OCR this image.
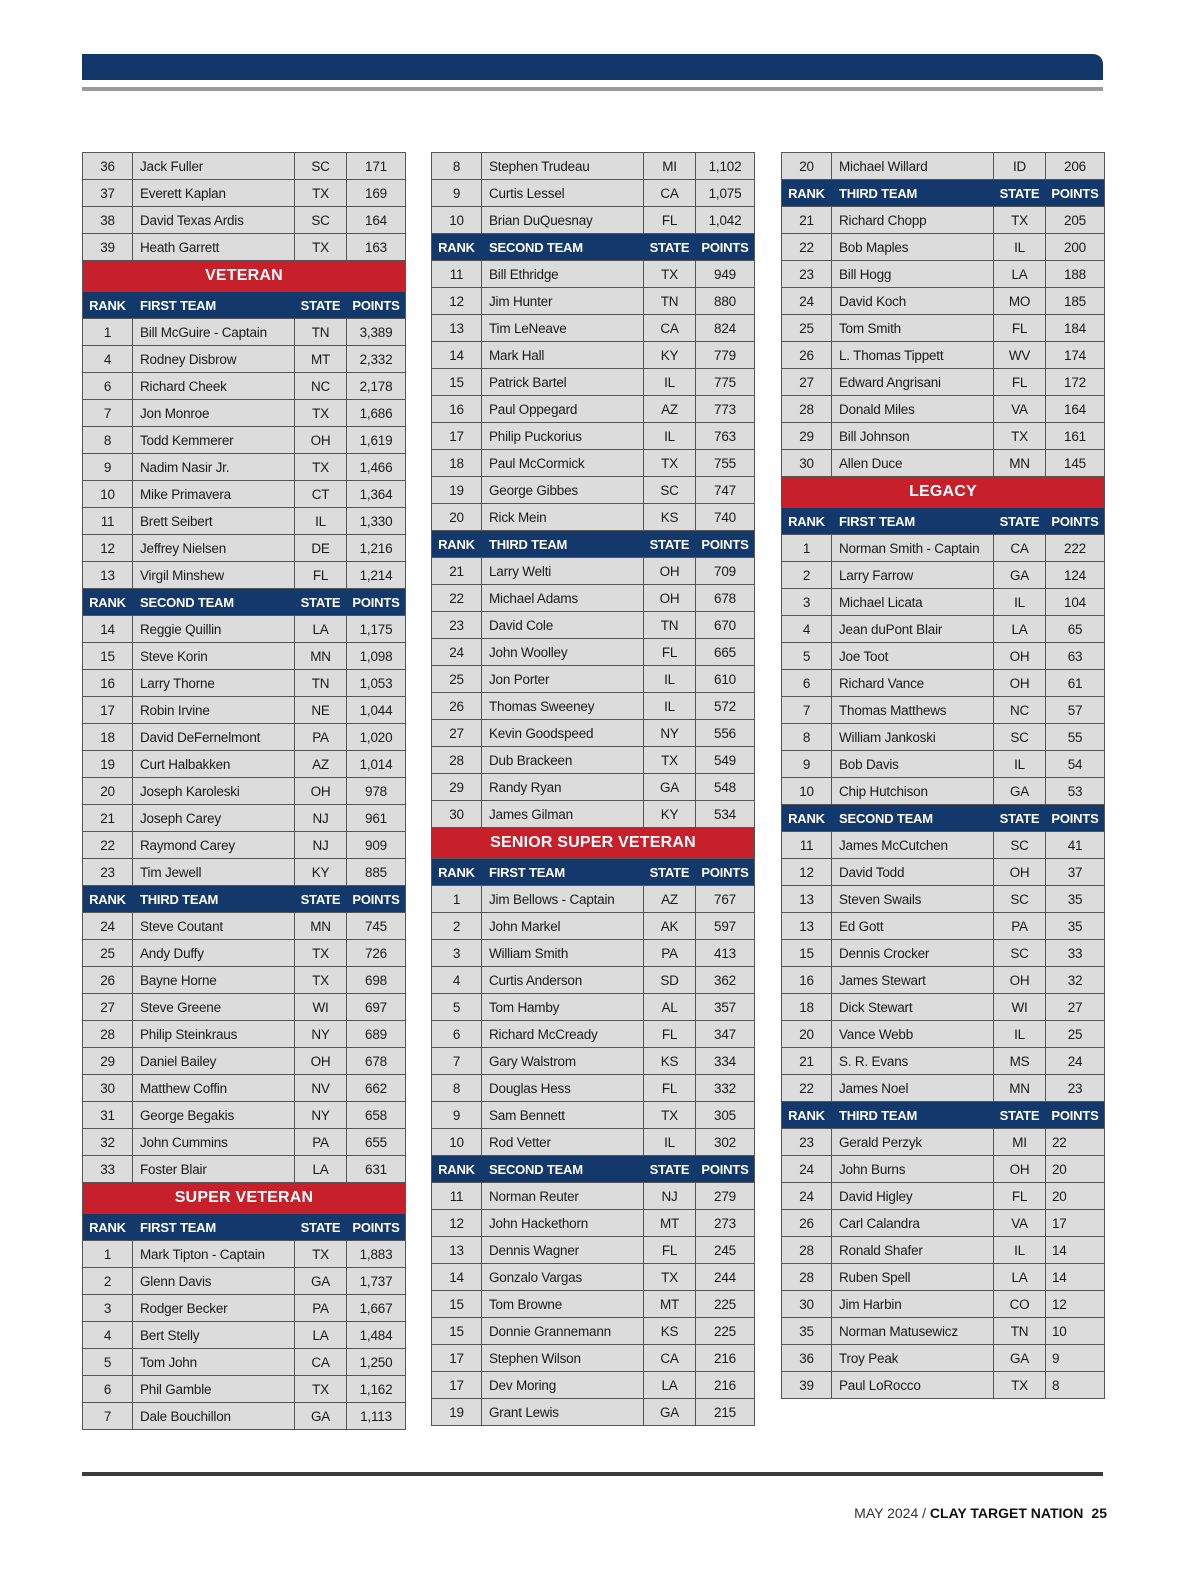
36	Jack Fuller	SC	171
37	Everett Kaplan	TX	169
38	David Texas Ardis	SC	164
39	Heath Garrett	TX	163
VETERAN
RANK	FIRST TEAM	STATE POINTS
1	Bill McGuire - Captain	TN	3,389
4	Rodney Disbrow	MT	2,332
6	Richard Cheek	NC	2,178
7	Jon Monroe	TX	1,686
8	Todd Kemmerer	OH	1,619
9	Nadim Nasir Jr.	TX	1,466
10	Mike Primavera	CT	1,364
11	Brett Seibert	IL	1,330
12	Jeffrey Nielsen	DE	1,216
13	Virgil Minshew	FL	1,214
RANK	SECOND TEAM	STATE POINTS
14	Reggie Quillin	LA	1,175
15	Steve Korin	MN	1,098
16	Larry Thorne	TN	1,053
17	Robin Irvine	NE	1,044
18	David DeFernelmont	PA	1,020
19	Curt Halbakken	AZ	1,014
20	Joseph Karoleski	OH	978
21	Joseph Carey	NJ	961
22	Raymond Carey	NJ	909
23	Tim Jewell	KY	885
RANK	THIRD TEAM	STATE POINTS
24	Steve Coutant	MN	745
25	Andy Duffy	TX	726
26	Bayne Horne	TX	698
27	Steve Greene	WI	697
28	Philip Steinkraus	NY	689
29	Daniel Bailey	OH	678
30	Matthew Coffin	NV	662
31	George Begakis	NY	658
32	John Cummins	PA	655
33	Foster Blair	LA	631
SUPER VETERAN
RANK	FIRST TEAM	STATE POINTS
1	Mark Tipton - Captain	TX	1,883
2	Glenn Davis	GA	1,737
3	Rodger Becker	PA	1,667
4	Bert Stelly	LA	1,484
5	Tom John	CA	1,250
6	Phil Gamble	TX	1,162
7	Dale Bouchillon	GA	1,113
8	Stephen Trudeau	MI	1,102
9	Curtis Lessel	CA	1,075
10	Brian DuQuesnay	FL	1,042
RANK	SECOND TEAM	STATE POINTS
11	Bill Ethridge	TX	949
12	Jim Hunter	TN	880
13	Tim LeNeave	CA	824
14	Mark Hall	KY	779
15	Patrick Bartel	IL	775
16	Paul Oppegard	AZ	773
17	Philip Puckorius	IL	763
18	Paul McCormick	TX	755
19	George Gibbes	SC	747
20	Rick Mein	KS	740
RANK	THIRD TEAM	STATE POINTS
21	Larry Welti	OH	709
22	Michael Adams	OH	678
23	David Cole	TN	670
24	John Woolley	FL	665
25	Jon Porter	IL	610
26	Thomas Sweeney	IL	572
27	Kevin Goodspeed	NY	556
28	Dub Brackeen	TX	549
29	Randy Ryan	GA	548
30	James Gilman	KY	534
SENIOR SUPER VETERAN
RANK	FIRST TEAM	STATE POINTS
1	Jim Bellows - Captain	AZ	767
2	John Markel	AK	597
3	William Smith	PA	413
4	Curtis Anderson	SD	362
5	Tom Hamby	AL	357
6	Richard McCready	FL	347
7	Gary Walstrom	KS	334
8	Douglas Hess	FL	332
9	Sam Bennett	TX	305
10	Rod Vetter	IL	302
RANK	SECOND TEAM	STATE POINTS
11	Norman Reuter	NJ	279
12	John Hackethorn	MT	273
13	Dennis Wagner	FL	245
14	Gonzalo Vargas	TX	244
15	Tom Browne	MT	225
15	Donnie Grannemann	KS	225
17	Stephen Wilson	CA	216
17	Dev Moring	LA	216
19	Grant Lewis	GA	215
20	Michael Willard	ID	206
RANK	THIRD TEAM	STATE POINTS
21	Richard Chopp	TX	205
22	Bob Maples	IL	200
23	Bill Hogg	LA	188
24	David Koch	MO	185
25	Tom Smith	FL	184
26	L. Thomas Tippett	WV	174
27	Edward Angrisani	FL	172
28	Donald Miles	VA	164
29	Bill Johnson	TX	161
30	Allen Duce	MN	145
LEGACY
RANK	FIRST TEAM	STATE POINTS
1	Norman Smith - Captain	CA	222
2	Larry Farrow	GA	124
3	Michael Licata	IL	104
4	Jean duPont Blair	LA	65
5	Joe Toot	OH	63
6	Richard Vance	OH	61
7	Thomas Matthews	NC	57
8	William Jankoski	SC	55
9	Bob Davis	IL	54
10	Chip Hutchison	GA	53
RANK	SECOND TEAM	STATE POINTS
11	James McCutchen	SC	41
12	David Todd	OH	37
13	Steven Swails	SC	35
13	Ed Gott	PA	35
15	Dennis Crocker	SC	33
16	James Stewart	OH	32
18	Dick Stewart	WI	27
20	Vance Webb	IL	25
21	S. R. Evans	MS	24
22	James Noel	MN	23
RANK	THIRD TEAM	STATE POINTS
23	Gerald Perzyk	MI	22
24	John Burns	OH	20
24	David Higley	FL	20
26	Carl Calandra	VA	17
28	Ronald Shafer	IL	14
28	Ruben Spell	LA	14
30	Jim Harbin	CO	12
35	Norman Matusewicz	TN	10
36	Troy Peak	GA	9
39	Paul LoRocco	TX	8
MAY 2024 / CLAY TARGET NATION 25
